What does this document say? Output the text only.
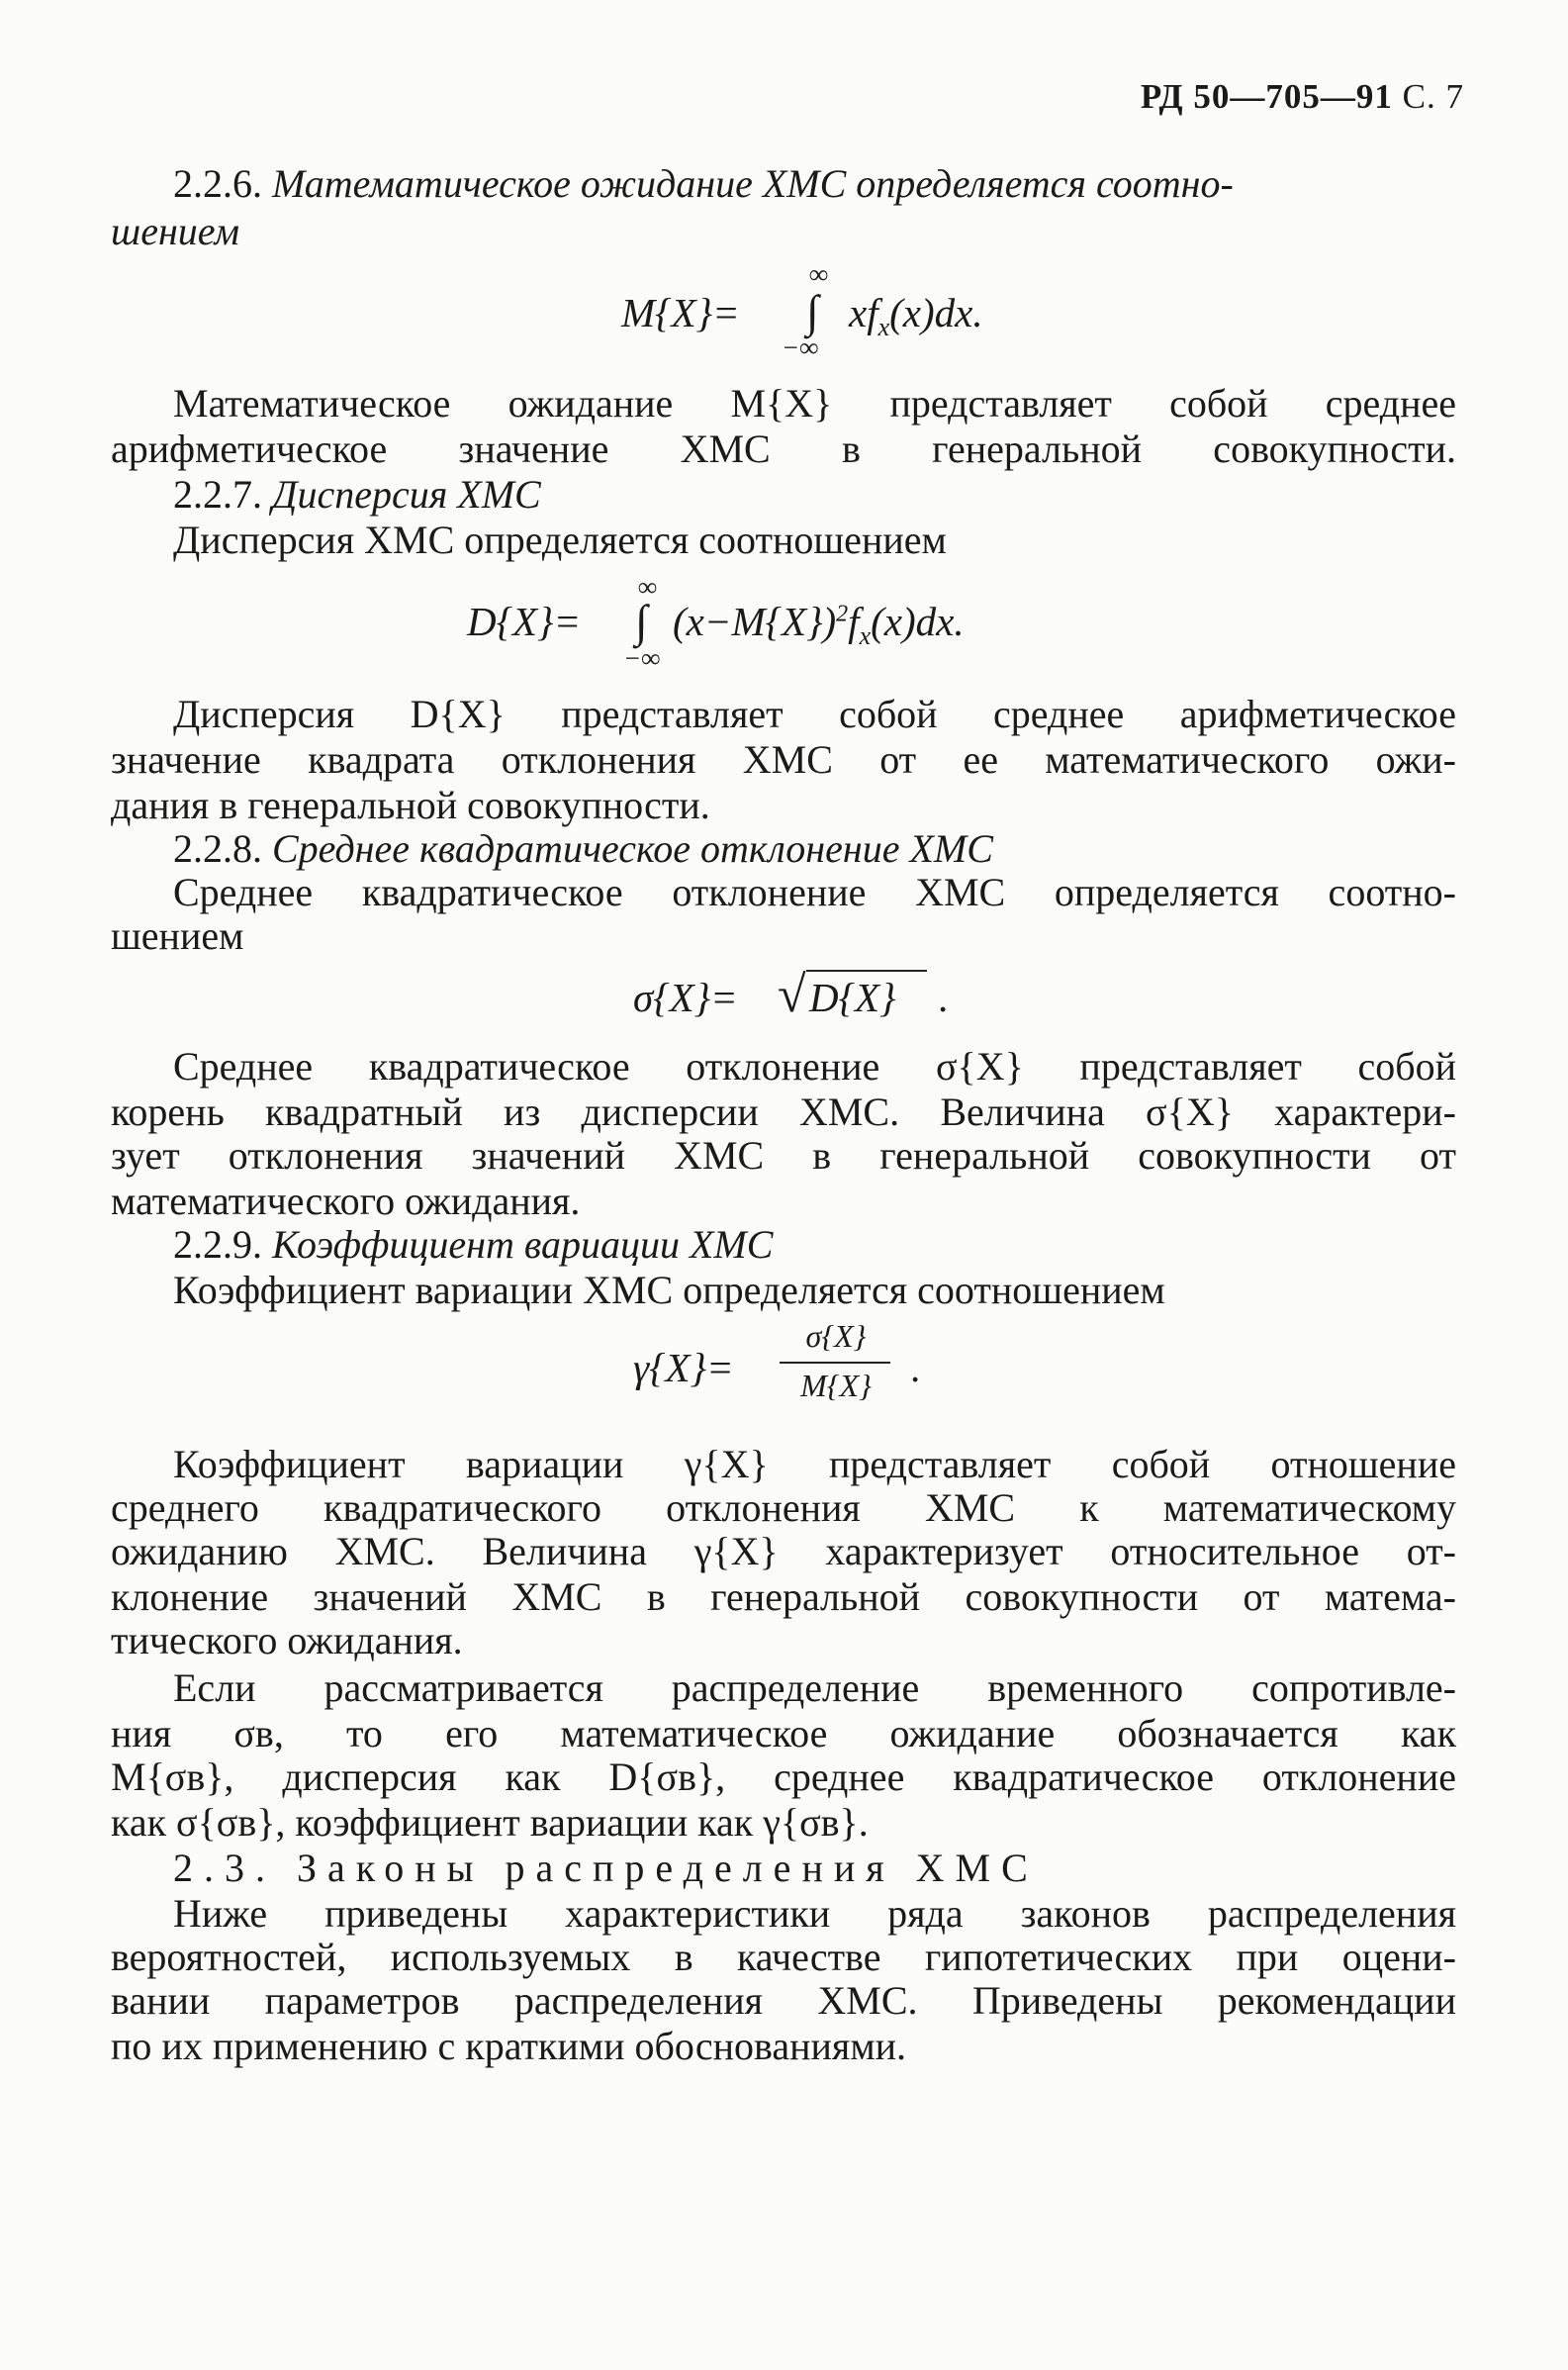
РД 50—705—91 С. 7
2.2.6. Математическое ожидание ХМС определяется соотно-
шением
M{X}=
∞
∫
−∞
$xf_x(x)dx$.
Математическое ожидание M{X} представляет собой среднее
арифметическое значение ХМС в генеральной совокупности.
2.2.7. Дисперсия ХМС
Дисперсия ХМС определяется соотношением
D{X}=
∞
∫
−∞
$(x-M\{X\})^2f_x(x)dx$.
Дисперсия D{X} представляет собой среднее арифметическое
значение квадрата отклонения ХМС от ее математического ожи-
дания в генеральной совокупности.
2.2.8. Среднее квадратическое отклонение ХМС
Среднее квадратическое отклонение ХМС определяется соотно-
шением
σ{X}= √ D{X} .
Среднее квадратическое отклонение σ{X} представляет собой
корень квадратный из дисперсии ХМС. Величина σ{X} характери-
зует отклонения значений ХМС в генеральной совокупности от
математического ожидания.
2.2.9. Коэффициент вариации ХМС
Коэффициент вариации ХМС определяется соотношением
γ{X}=
σ{X}
M{X} .
Коэффициент вариации γ{X} представляет собой отношение
среднего квадратического отклонения ХМС к математическому
ожиданию ХМС. Величина γ{X} характеризует относительное от-
клонение значений ХМС в генеральной совокупности от матема-
тического ожидания.
Если рассматривается распределение временного сопротивле-
ния σв, то его математическое ожидание обозначается как
M{σв}, дисперсия как D{σв}, среднее квадратическое отклонение
как σ{σв}, коэффициент вариации как γ{σв}.
2.3. Законы распределения ХМС
Ниже приведены характеристики ряда законов распределения
вероятностей, используемых в качестве гипотетических при оцени-
вании параметров распределения ХМС. Приведены рекомендации
по их применению с краткими обоснованиями.
